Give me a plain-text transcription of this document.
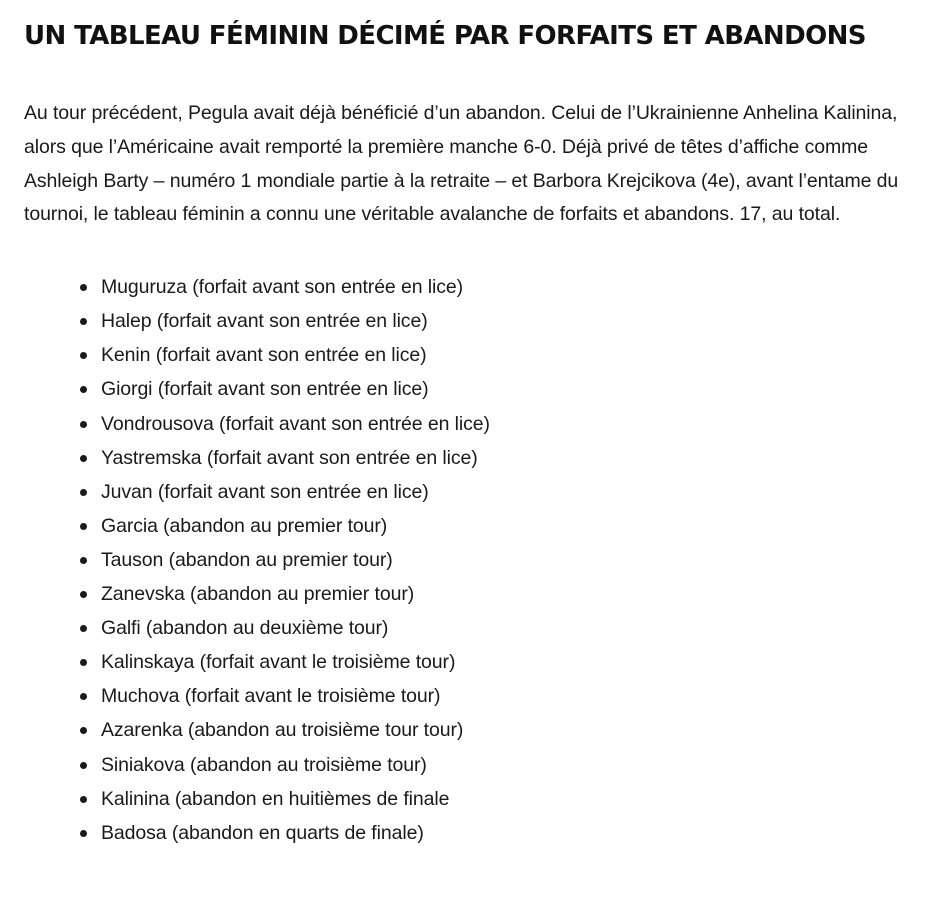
UN TABLEAU FÉMININ DÉCIMÉ PAR FORFAITS ET ABANDONS

Au tour précédent, Pegula avait déjà bénéficié d’un abandon. Celui de l’Ukrainienne Anhelina Kalinina, alors que l’Américaine avait remporté la première manche 6-0. Déjà privé de têtes d’affiche comme Ashleigh Barty – numéro 1 mondiale partie à la retraite – et Barbora Krejcikova (4e), avant l’entame du tournoi, le tableau féminin a connu une véritable avalanche de forfaits et abandons. 17, au total.

Muguruza (forfait avant son entrée en lice)
Halep (forfait avant son entrée en lice)
Kenin (forfait avant son entrée en lice)
Giorgi (forfait avant son entrée en lice)
Vondrousova (forfait avant son entrée en lice)
Yastremska (forfait avant son entrée en lice)
Juvan (forfait avant son entrée en lice)
Garcia (abandon au premier tour)
Tauson (abandon au premier tour)
Zanevska (abandon au premier tour)
Galfi (abandon au deuxième tour)
Kalinskaya (forfait avant le troisième tour)
Muchova (forfait avant le troisième tour)
Azarenka (abandon au troisième tour tour)
Siniakova (abandon au troisième tour)
Kalinina (abandon en huitièmes de finale
Badosa (abandon en quarts de finale)
